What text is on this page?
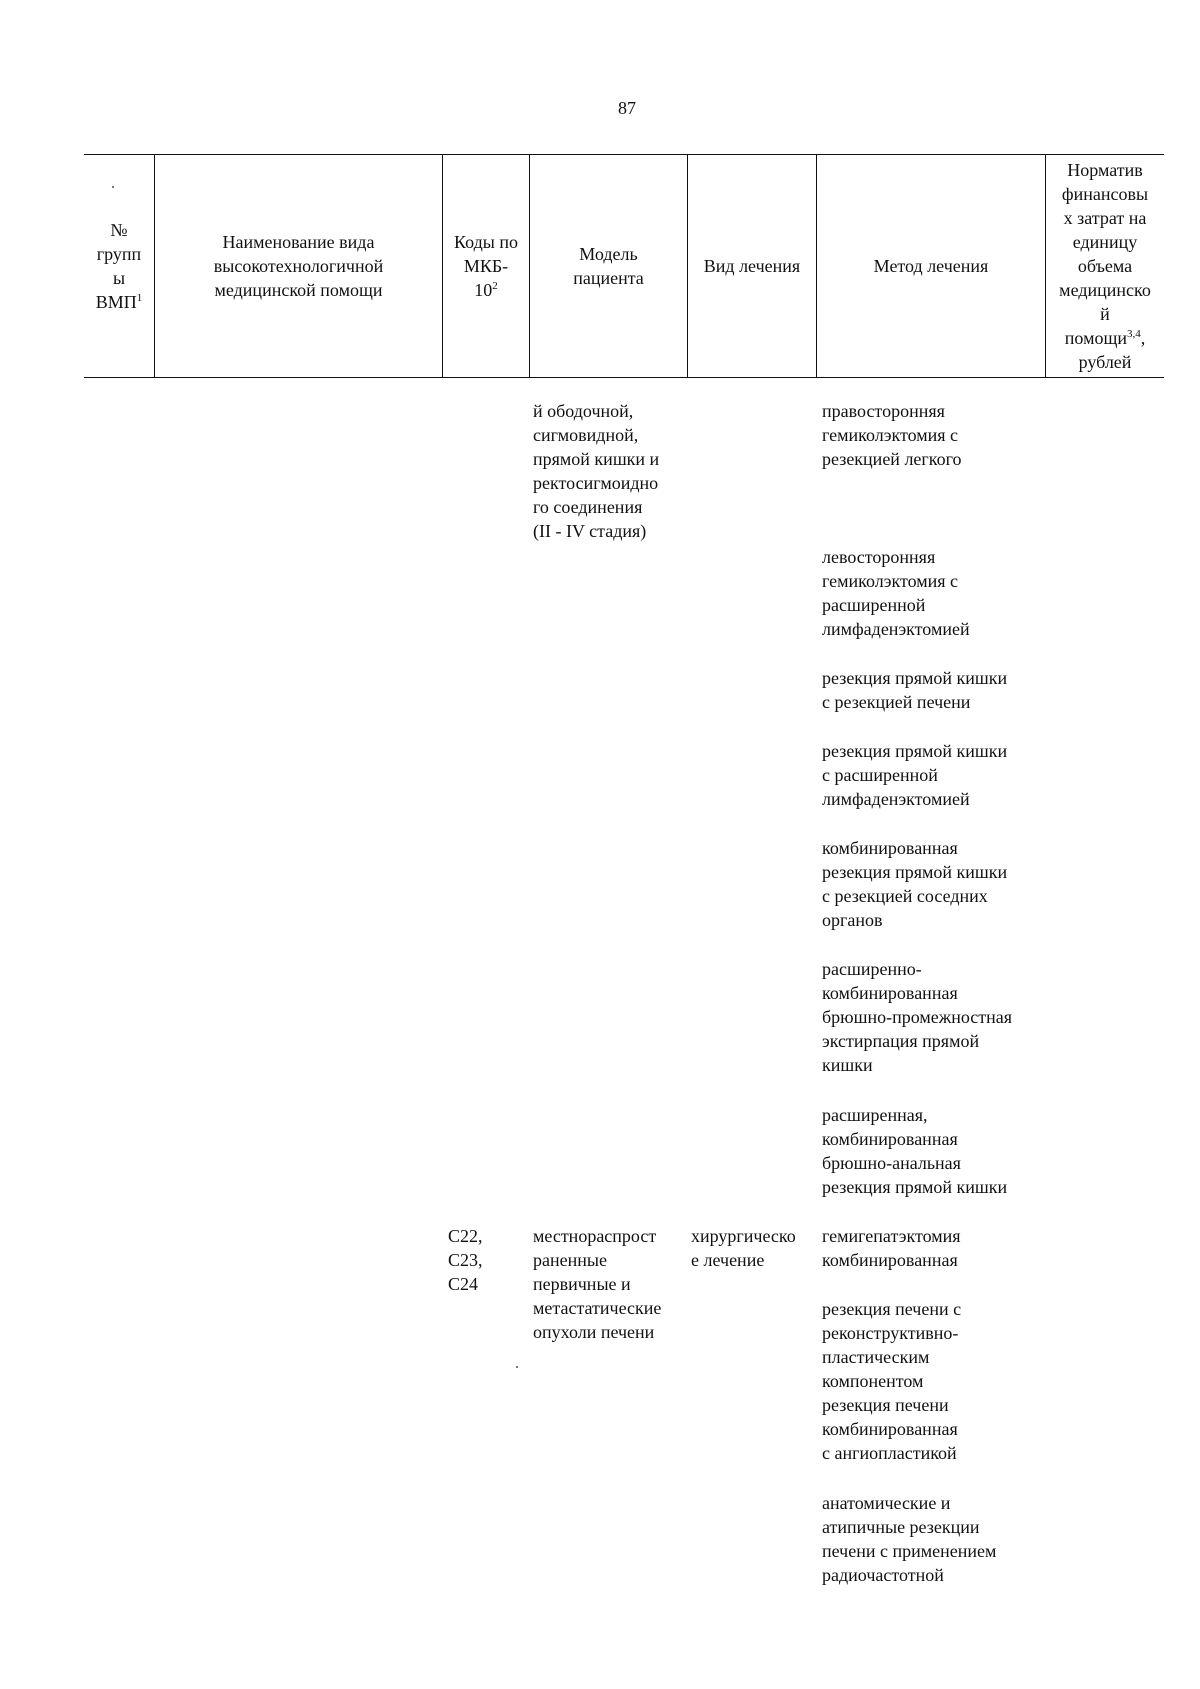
87
№
групп
ы
ВМП$^1$
Наименование вида
высокотехнологичной
медицинской помощи
Коды по
МКБ-
$10^2$
Модель
пациента
Вид лечения	Метод лечения
Норматив
финансовы
х затрат на
единицу
объема
медицинско
й
помощи$^{3,4}$,
рублей
й ободочной,
сигмовидной,
прямой кишки и
ректосигмоидно
го соединения
(II - IV стадия)
правосторонняя
гемиколэктомия с
резекцией легкого
левосторонняя
гемиколэктомия с
расширенной
лимфаденэктомией
резекция прямой кишки
с резекцией печени
резекция прямой кишки
с расширенной
лимфаденэктомией
комбинированная
резекция прямой кишки
с резекцией соседних
органов
расширенно-
комбинированная
брюшно-промежностная
экстирпация прямой
кишки
расширенная,
комбинированная
брюшно-анальная
резекция прямой кишки
C22,
C23,
C24
местнораспрост
раненные
первичные и
метастатические
опухоли печени
хирургическо
е лечение
гемигепатэктомия
комбинированная
резекция печени с
реконструктивно-
пластическим
компонентом
резекция печени
комбинированная
с ангиопластикой
анатомические и
атипичные резекции
печени с применением
радиочастотной
